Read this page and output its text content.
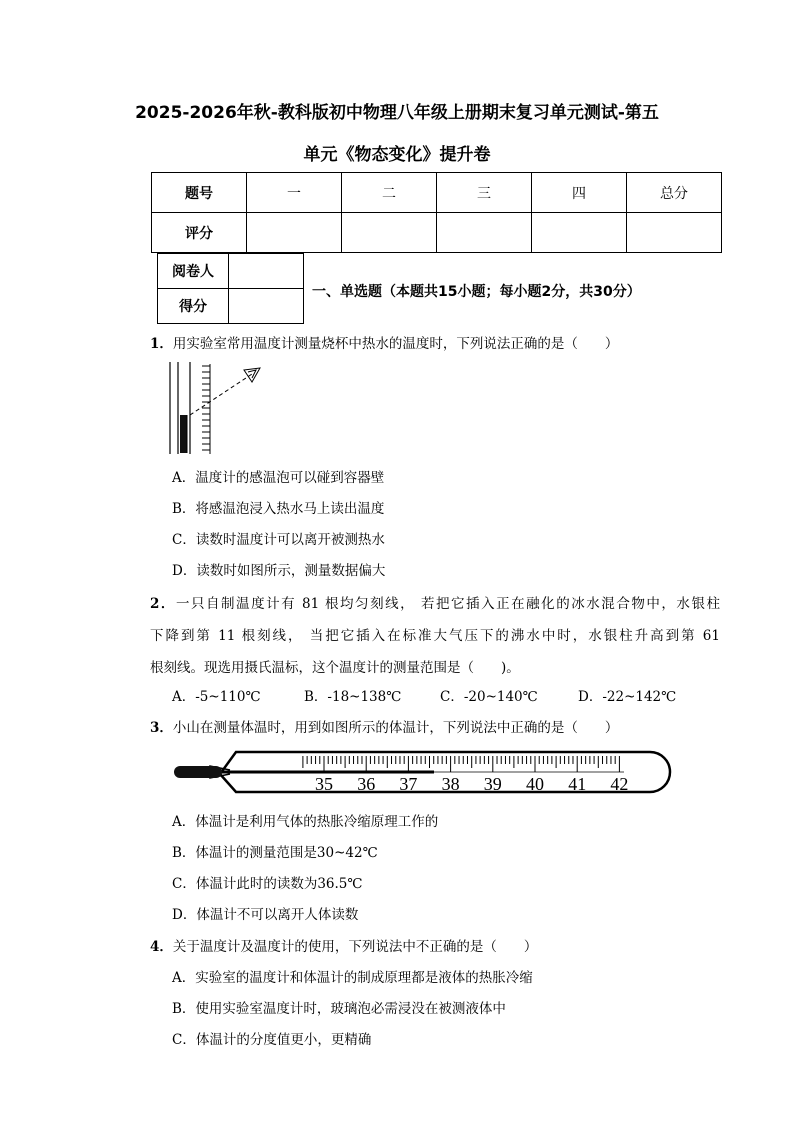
2025-2026年秋-教科版初中物理八年级上册期末复习单元测试-第五
单元《物态变化》提升卷
题号	一	二	三	四	总分
评分					
阅卷人	
得分	
一、单选题（本题共15小题；每小题2分，共30分）
1．用实验室常用温度计测量烧杯中热水的温度时，下列说法正确的是（　　）
A．温度计的感温泡可以碰到容器壁
B．将感温泡浸入热水马上读出温度
C．读数时温度计可以离开被测热水
D．读数时如图所示，测量数据偏大
2．一只自制温度计有 81 根均匀刻线， 若把它插入正在融化的冰水混合物中，水银柱
下降到第 11 根刻线， 当把它插入在标准大气压下的沸水中时，水银柱升高到第 61
根刻线。现选用摄氏温标，这个温度计的测量范围是（　　)。
A．-5~110℃	B．-18~138℃	C．-20~140℃	D．-22~142℃
3．小山在测量体温时，用到如图所示的体温计，下列说法中正确的是（　　）
35 36 37 38 39 40 41 42
A．体温计是利用气体的热胀冷缩原理工作的
B．体温计的测量范围是30~42℃
C．体温计此时的读数为36.5℃
D．体温计不可以离开人体读数
4．关于温度计及温度计的使用，下列说法中不正确的是（　　）
A．实验室的温度计和体温计的制成原理都是液体的热胀冷缩
B．使用实验室温度计时，玻璃泡必需浸没在被测液体中
C．体温计的分度值更小，更精确
